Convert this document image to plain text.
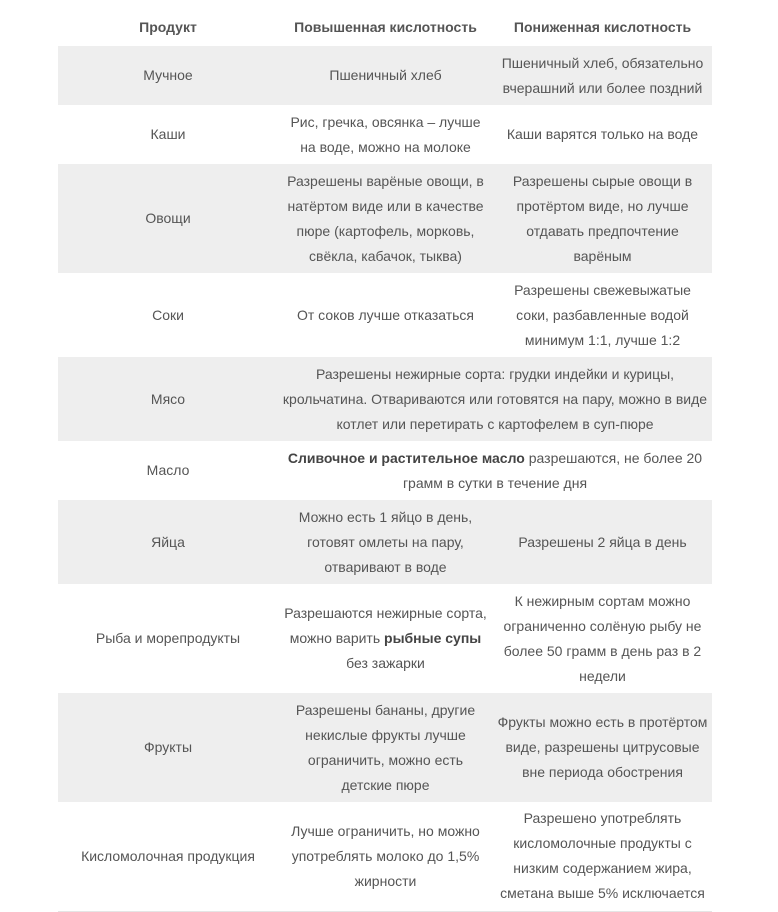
Продукт	Повышенная кислотность	Пониженная кислотность
Мучное	Пшеничный хлеб	Пшеничный хлеб, обязательно вчерашний или более поздний
Каши	Рис, гречка, овсянка – лучше на воде, можно на молоке	Каши варятся только на воде
Овощи	Разрешены варёные овощи, в натёртом виде или в качестве пюре (картофель, морковь, свёкла, кабачок, тыква)	Разрешены сырые овощи в протёртом виде, но лучше отдавать предпочтение варёным
Соки	От соков лучше отказаться	Разрешены свежевыжатые соки, разбавленные водой минимум 1:1, лучше 1:2
Мясо	Разрешены нежирные сорта: грудки индейки и курицы, крольчатина. Отвариваются или готовятся на пару, можно в виде котлет или перетирать с картофелем в суп-пюре	
Масло	Сливочное и растительное масло разрешаются, не более 20 грамм в сутки в течение дня	
Яйца	Можно есть 1 яйцо в день, готовят омлеты на пару, отваривают в воде	Разрешены 2 яйца в день
Рыба и морепродукты	Разрешаются нежирные сорта, можно варить рыбные супы без зажарки	К нежирным сортам можно ограниченно солёную рыбу не более 50 грамм в день раз в 2 недели
Фрукты	Разрешены бананы, другие некислые фрукты лучше ограничить, можно есть детские пюре	Фрукты можно есть в протёртом виде, разрешены цитрусовые вне периода обострения
Кисломолочная продукция	Лучше ограничить, но можно употреблять молоко до 1,5% жирности	Разрешено употреблять кисломолочные продукты с низким содержанием жира, сметана выше 5% исключается
